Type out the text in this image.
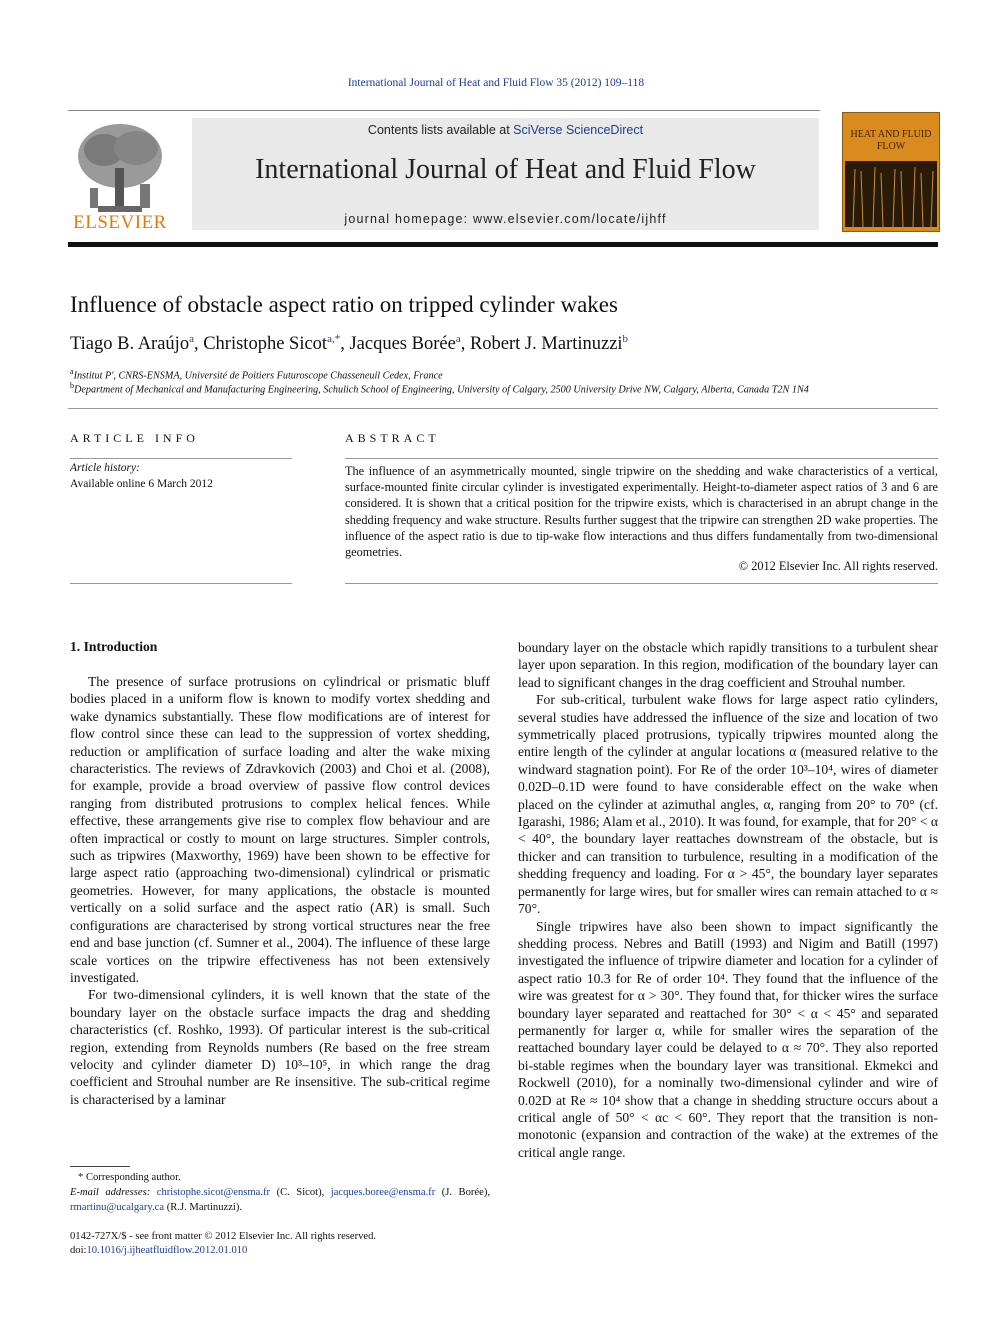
International Journal of Heat and Fluid Flow 35 (2012) 109–118
ELSEVIER
Contents lists available at SciVerse ScienceDirect
International Journal of Heat and Fluid Flow
journal homepage: www.elsevier.com/locate/ijhff
HEAT AND FLUID FLOW
Influence of obstacle aspect ratio on tripped cylinder wakes
Tiago B. Araújo$^a$, Christophe Sicot$^{a,*}$, Jacques Borée$^a$, Robert J. Martinuzzi$^b$
$^a$Institut P', CNRS-ENSMA, Université de Poitiers Futuroscope Chasseneuil Cedex, France
$^b$Department of Mechanical and Manufacturing Engineering, Schulich School of Engineering, University of Calgary, 2500 University Drive NW, Calgary, Alberta, Canada T2N 1N4
ARTICLE INFO
Article history:
Available online 6 March 2012
ABSTRACT
The influence of an asymmetrically mounted, single tripwire on the shedding and wake characteristics of a vertical, surface-mounted finite circular cylinder is investigated experimentally. Height-to-diameter aspect ratios of 3 and 6 are considered. It is shown that a critical position for the tripwire exists, which is characterised in an abrupt change in the shedding frequency and wake structure. Results further suggest that the tripwire can strengthen 2D wake properties. The influence of the aspect ratio is due to tip-wake flow interactions and thus differs fundamentally from two-dimensional geometries.
© 2012 Elsevier Inc. All rights reserved.
1. Introduction

The presence of surface protrusions on cylindrical or prismatic bluff bodies placed in a uniform flow is known to modify vortex shedding and wake dynamics substantially. These flow modifications are of interest for flow control since these can lead to the suppression of vortex shedding, reduction or amplification of surface loading and alter the wake mixing characteristics. The reviews of Zdravkovich (2003) and Choi et al. (2008), for example, provide a broad overview of passive flow control devices ranging from distributed protrusions to complex helical fences. While effective, these arrangements give rise to complex flow behaviour and are often impractical or costly to mount on large structures. Simpler controls, such as tripwires (Maxworthy, 1969) have been shown to be effective for large aspect ratio (approaching two-dimensional) cylindrical or prismatic geometries. However, for many applications, the obstacle is mounted vertically on a solid surface and the aspect ratio (AR) is small. Such configurations are characterised by strong vortical structures near the free end and base junction (cf. Sumner et al., 2004). The influence of these large scale vortices on the tripwire effectiveness has not been extensively investigated.

For two-dimensional cylinders, it is well known that the state of the boundary layer on the obstacle surface impacts the drag and shedding characteristics (cf. Roshko, 1993). Of particular interest is the sub-critical region, extending from Reynolds numbers (Re based on the free stream velocity and cylinder diameter D) 10³–10⁵, in which range the drag coefficient and Strouhal number are Re insensitive. The sub-critical regime is characterised by a laminar

boundary layer on the obstacle which rapidly transitions to a turbulent shear layer upon separation. In this region, modification of the boundary layer can lead to significant changes in the drag coefficient and Strouhal number.

For sub-critical, turbulent wake flows for large aspect ratio cylinders, several studies have addressed the influence of the size and location of two symmetrically placed protrusions, typically tripwires mounted along the entire length of the cylinder at angular locations α (measured relative to the windward stagnation point). For Re of the order 10³–10⁴, wires of diameter 0.02D–0.1D were found to have considerable effect on the wake when placed on the cylinder at azimuthal angles, α, ranging from 20° to 70° (cf. Igarashi, 1986; Alam et al., 2010). It was found, for example, that for 20° < α < 40°, the boundary layer reattaches downstream of the obstacle, but is thicker and can transition to turbulence, resulting in a modification of the shedding frequency and loading. For α > 45°, the boundary layer separates permanently for large wires, but for smaller wires can remain attached to α ≈ 70°.

Single tripwires have also been shown to impact significantly the shedding process. Nebres and Batill (1993) and Nigim and Batill (1997) investigated the influence of tripwire diameter and location for a cylinder of aspect ratio 10.3 for Re of order 10⁴. They found that the influence of the wire was greatest for α > 30°. They found that, for thicker wires the surface boundary layer separated and reattached for 30° < α < 45° and separated permanently for larger α, while for smaller wires the separation of the reattached boundary layer could be delayed to α ≈ 70°. They also reported bi-stable regimes when the boundary layer was transitional. Ekmekci and Rockwell (2010), for a nominally two-dimensional cylinder and wire of 0.02D at Re ≈ 10⁴ show that a change in shedding structure occurs about a critical angle of 50° < αc < 60°. They report that the transition is non-monotonic (expansion and contraction of the wake) at the extremes of the critical angle range.

* Corresponding author.
E-mail addresses: christophe.sicot@ensma.fr (C. Sicot), jacques.boree@ensma.fr (J. Borée), rmartinu@ucalgary.ca (R.J. Martinuzzi).
0142-727X/$ - see front matter © 2012 Elsevier Inc. All rights reserved.
doi:10.1016/j.ijheatfluidflow.2012.01.010
